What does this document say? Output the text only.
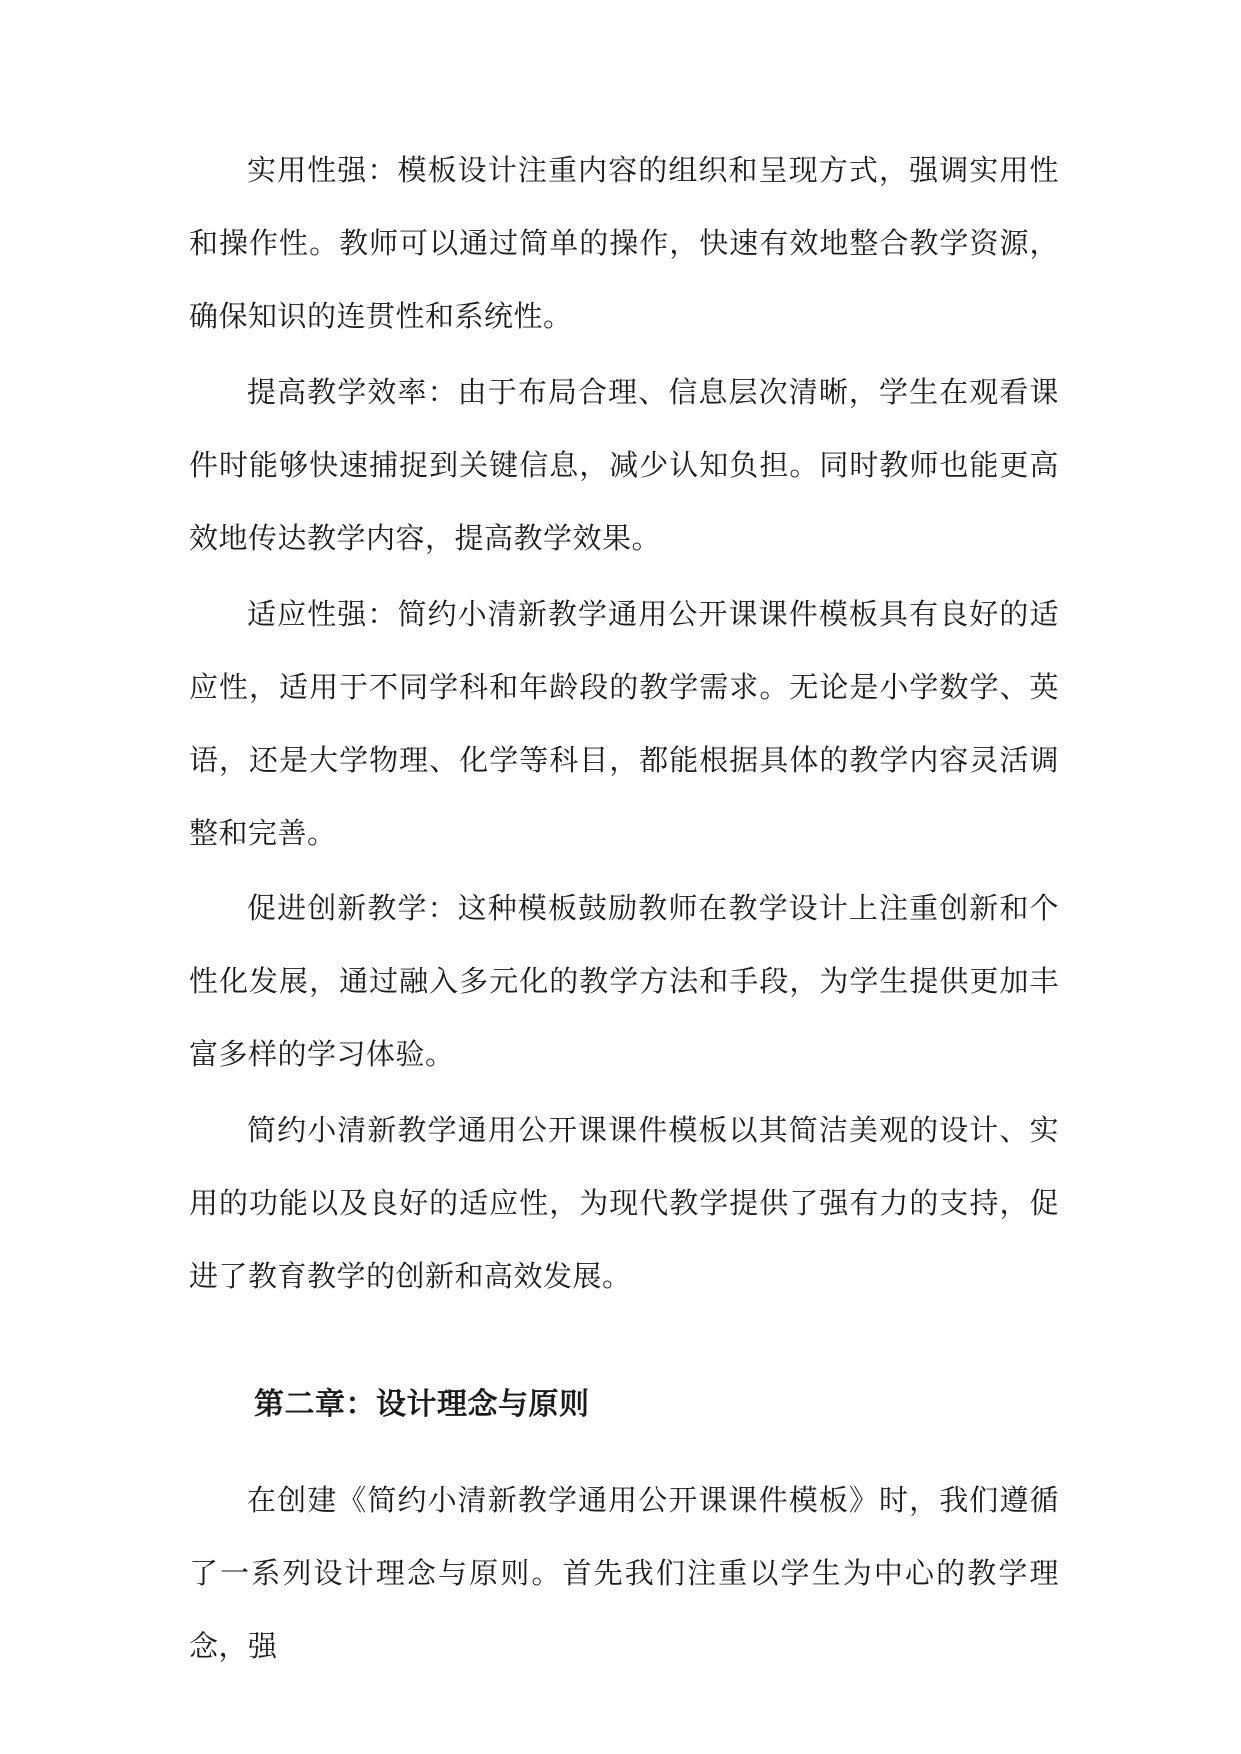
实用性强：模板设计注重内容的组织和呈现方式，强调实用性和操作性。教师可以通过简单的操作，快速有效地整合教学资源，确保知识的连贯性和系统性。

提高教学效率：由于布局合理、信息层次清晰，学生在观看课件时能够快速捕捉到关键信息，减少认知负担。同时教师也能更高效地传达教学内容，提高教学效果。

适应性强：简约小清新教学通用公开课课件模板具有良好的适应性，适用于不同学科和年龄段的教学需求。无论是小学数学、英语，还是大学物理、化学等科目，都能根据具体的教学内容灵活调整和完善。

促进创新教学：这种模板鼓励教师在教学设计上注重创新和个性化发展，通过融入多元化的教学方法和手段，为学生提供更加丰富多样的学习体验。

简约小清新教学通用公开课课件模板以其简洁美观的设计、实用的功能以及良好的适应性，为现代教学提供了强有力的支持，促进了教育教学的创新和高效发展。

第二章：设计理念与原则

在创建《简约小清新教学通用公开课课件模板》时，我们遵循了一系列设计理念与原则。首先我们注重以学生为中心的教学理念，强
